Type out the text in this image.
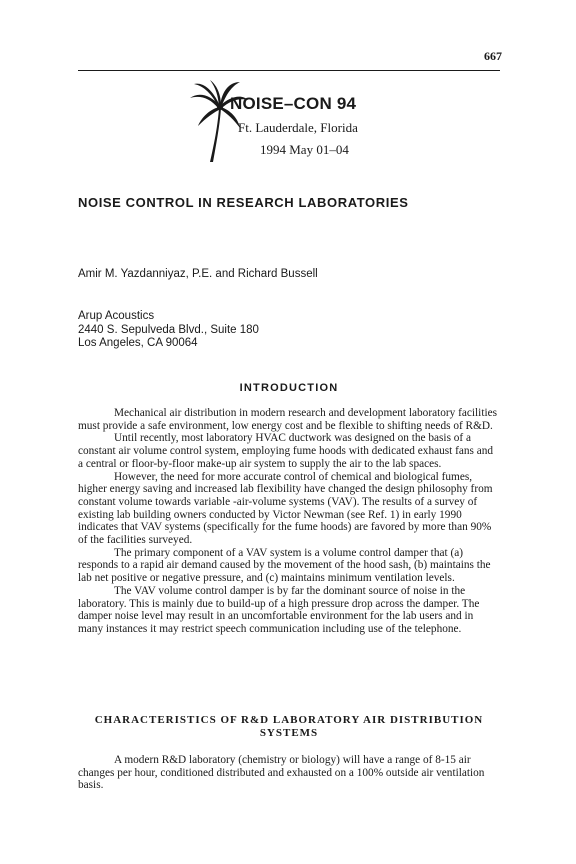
667
NOISE–CON 94
Ft. Lauderdale, Florida
1994 May 01–04
NOISE CONTROL IN RESEARCH LABORATORIES
Amir M. Yazdanniyaz, P.E. and Richard Bussell
Arup Acoustics
2440 S. Sepulveda Blvd., Suite 180
Los Angeles, CA 90064
INTRODUCTION

Mechanical air distribution in modern research and development laboratory facilities must provide a safe environment, low energy cost and be flexible to shifting needs of R&D.

Until recently, most laboratory HVAC ductwork was designed on the basis of a constant air volume control system, employing fume hoods with dedicated exhaust fans and a central or floor-by-floor make-up air system to supply the air to the lab spaces.

However, the need for more accurate control of chemical and biological fumes, higher energy saving and increased lab flexibility have changed the design philosophy from constant volume towards variable -air-volume systems (VAV). The results of a survey of existing lab building owners conducted by Victor Newman (see Ref. 1) in early 1990 indicates that VAV systems (specifically for the fume hoods) are favored by more than 90% of the facilities surveyed.

The primary component of a VAV system is a volume control damper that (a) responds to a rapid air demand caused by the movement of the hood sash, (b) maintains the lab net positive or negative pressure, and (c) maintains minimum ventilation levels.

The VAV volume control damper is by far the dominant source of noise in the laboratory. This is mainly due to build-up of a high pressure drop across the damper. The damper noise level may result in an uncomfortable environment for the lab users and in many instances it may restrict speech communication including use of the telephone.

CHARACTERISTICS OF R&D LABORATORY AIR DISTRIBUTION
SYSTEMS

A modern R&D laboratory (chemistry or biology) will have a range of 8-15 air changes per hour, conditioned distributed and exhausted on a 100% outside air ventilation basis.
